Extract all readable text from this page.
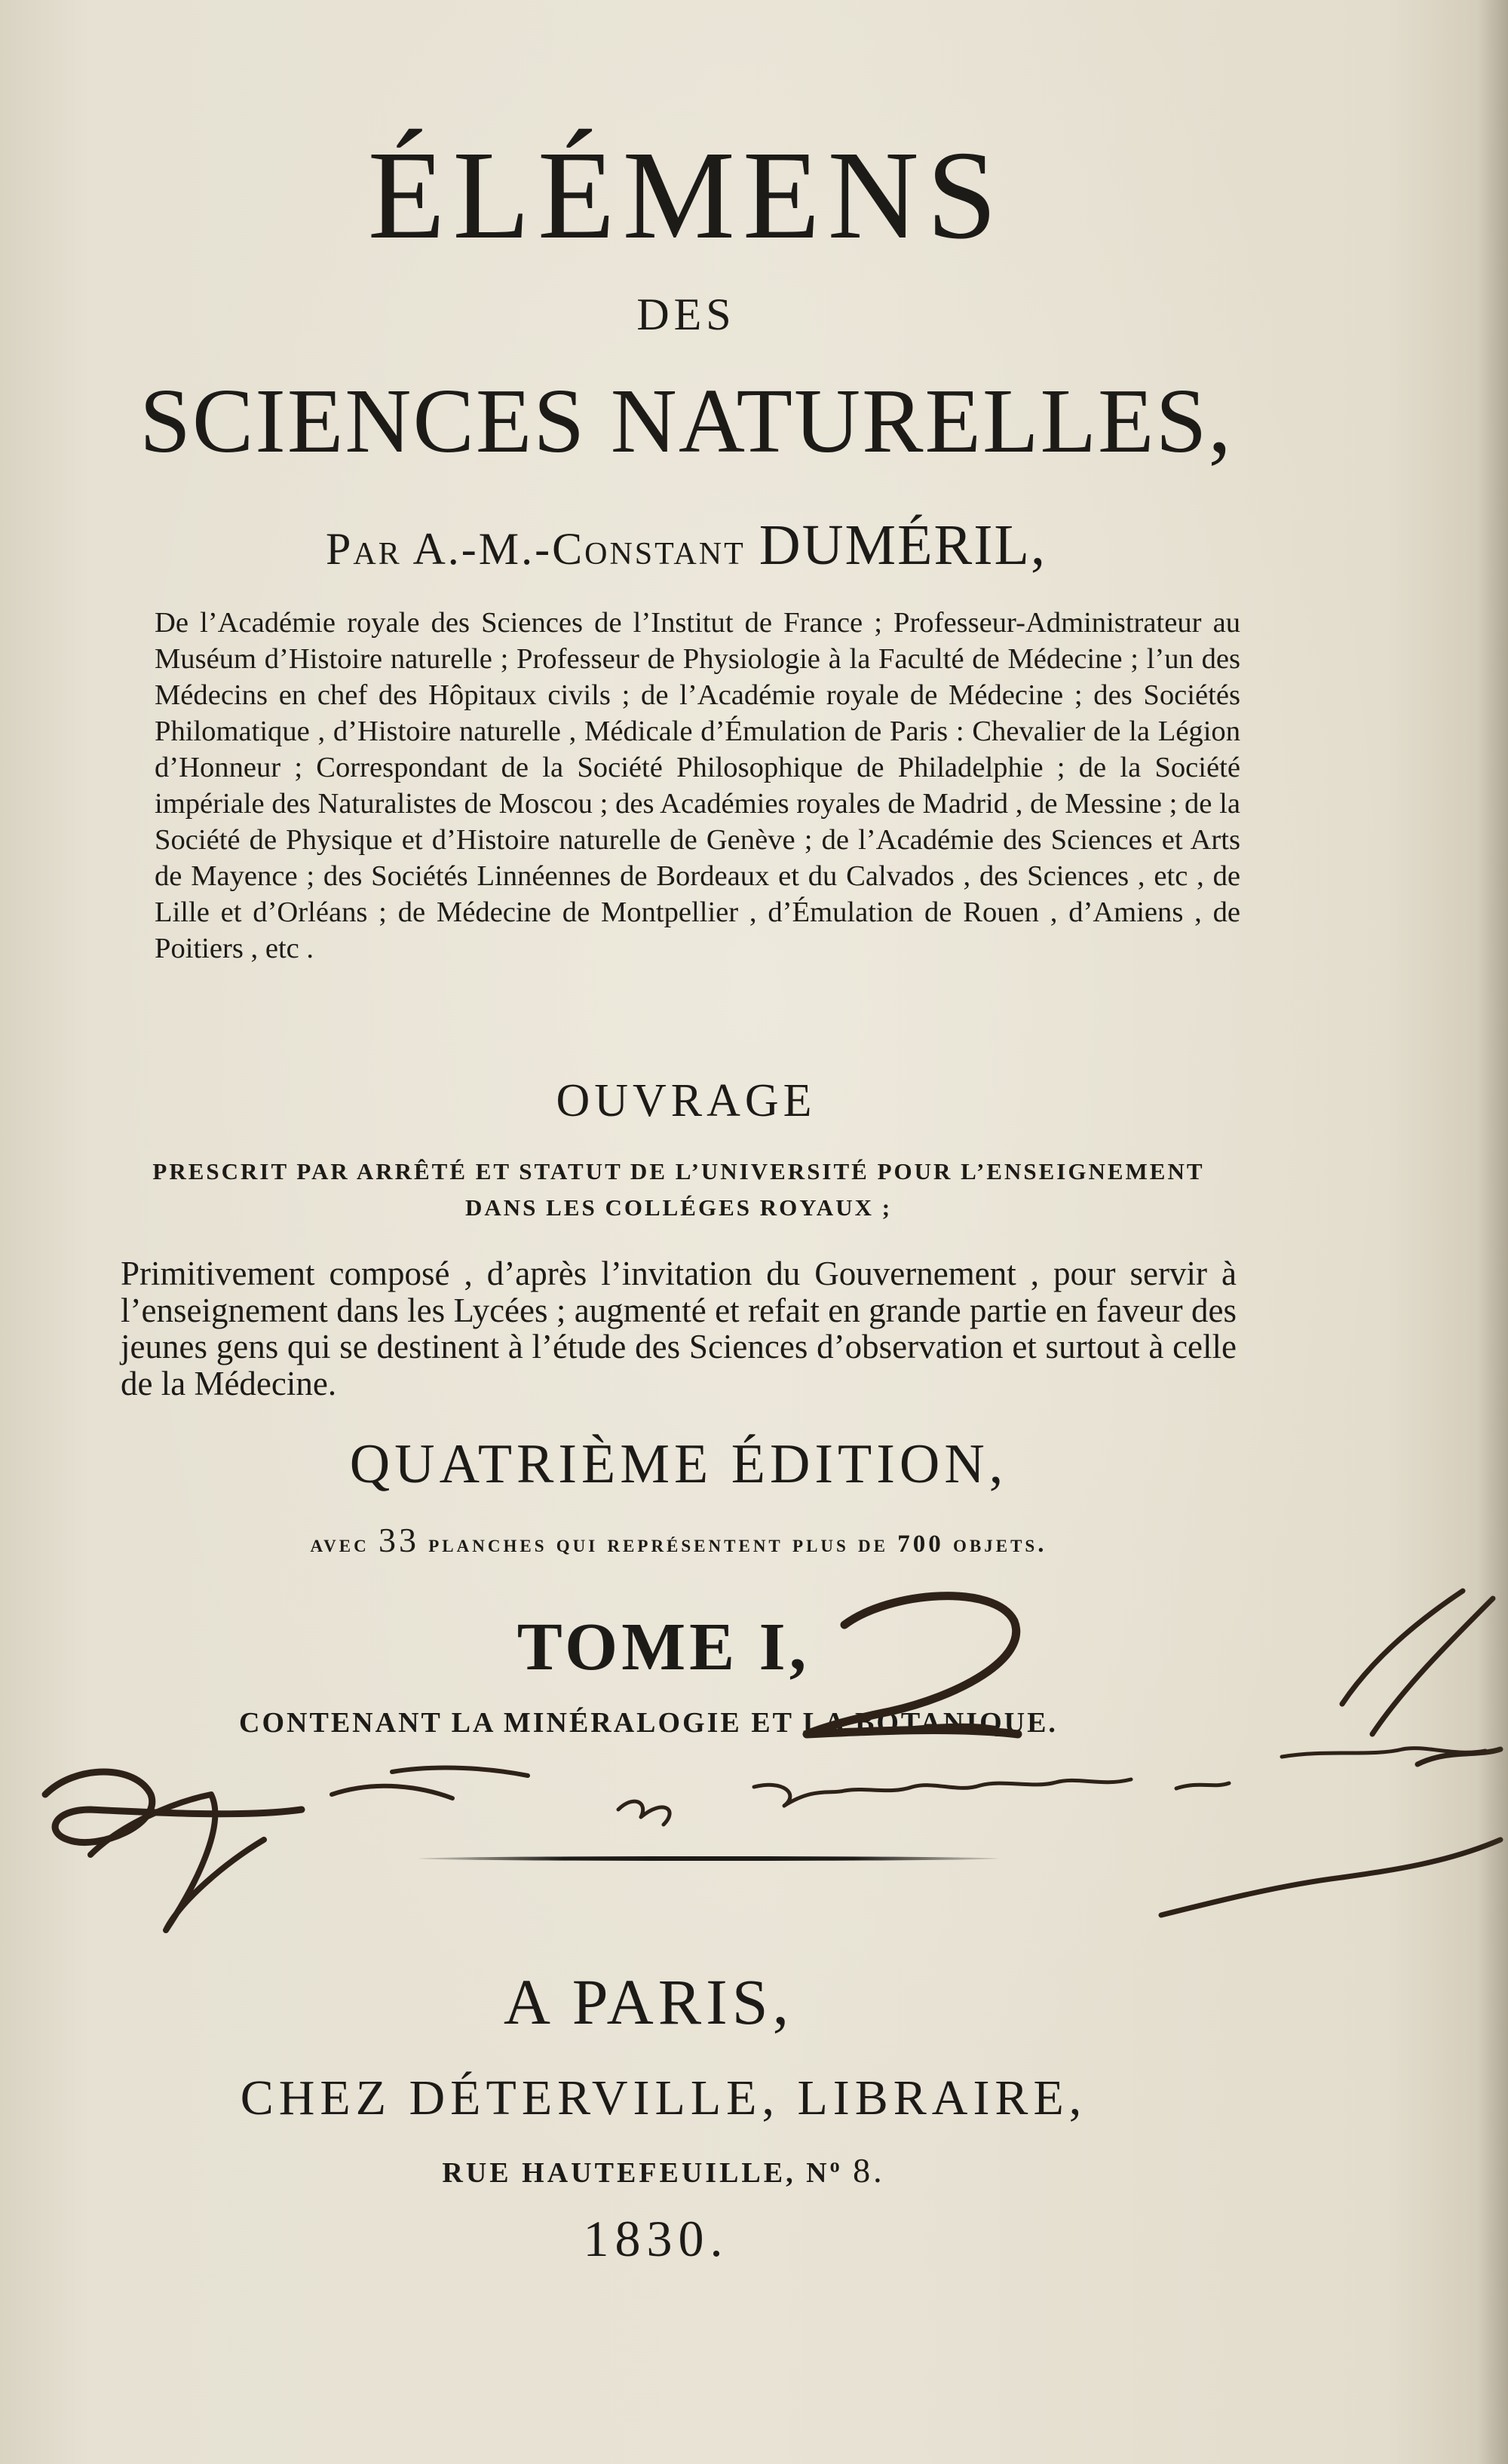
ÉLÉMENS
DES
SCIENCES NATURELLES,
Par A.-M.-Constant DUMÉRIL,
De l’Académie royale des Sciences de l’Institut de France ; Professeur-Administrateur au Muséum d’Histoire naturelle ; Professeur de Physiologie à la Faculté de Médecine ; l’un des Médecins en chef des Hôpitaux civils ; de l’Académie royale de Médecine ; des Sociétés Philomatique , d’Histoire naturelle , Médicale d’Émulation de Paris : Chevalier de la Légion d’Honneur ; Correspondant de la Société Philosophique de Philadelphie ; de la Société impériale des Naturalistes de Moscou ; des Académies royales de Madrid , de Messine ; de la Société de Physique et d’Histoire naturelle de Genève ; de l’Académie des Sciences et Arts de Mayence ; des Sociétés Linnéennes de Bordeaux et du Calvados , des Sciences , etc , de Lille et d’Orléans ; de Médecine de Montpellier , d’Émulation de Rouen , d’Amiens , de Poitiers , etc .
OUVRAGE
PRESCRIT PAR ARRÊTÉ ET STATUT DE L’UNIVERSITÉ POUR L’ENSEIGNEMENT DANS LES COLLÉGES ROYAUX ;
Primitivement composé , d’après l’invitation du Gouvernement , pour servir à l’enseignement dans les Lycées ; augmenté et refait en grande partie en faveur des jeunes gens qui se destinent à l’étude des Sciences d’observation et surtout à celle de la Médecine.
QUATRIÈME ÉDITION,
avec 33 planches qui représentent plus de 700 objets.
TOME I,
CONTENANT LA MINÉRALOGIE ET LA BOTANIQUE.
A PARIS,
CHEZ DÉTERVILLE, LIBRAIRE,
RUE HAUTEFEUILLE, $N^o$ 8.
1830.
